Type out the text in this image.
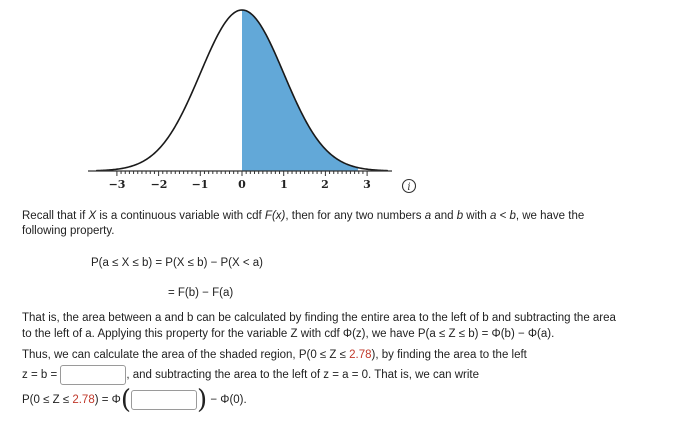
−3 −2 −1	0	1	2	3	i
Recall that if X is a continuous variable with cdf F(x), then for any two numbers a and b with a < b, we have the
following property.
P(a ≤ X ≤ b) = P(X ≤ b) − P(X < a)
= F(b) − F(a)
That is, the area between a and b can be calculated by finding the entire area to the left of b and subtracting the area
to the left of a. Applying this property for the variable Z with cdf Φ(z), we have P(a ≤ Z ≤ b) = Φ(b) − Φ(a).
Thus, we can calculate the area of the shaded region, P(0 ≤ Z ≤ 2.78), by finding the area to the left
z = b =	, and subtracting the area to the left of z = a = 0. That is, we can write
P(0 ≤ Z ≤ 2.78) = Φ(	) − Φ(0).
